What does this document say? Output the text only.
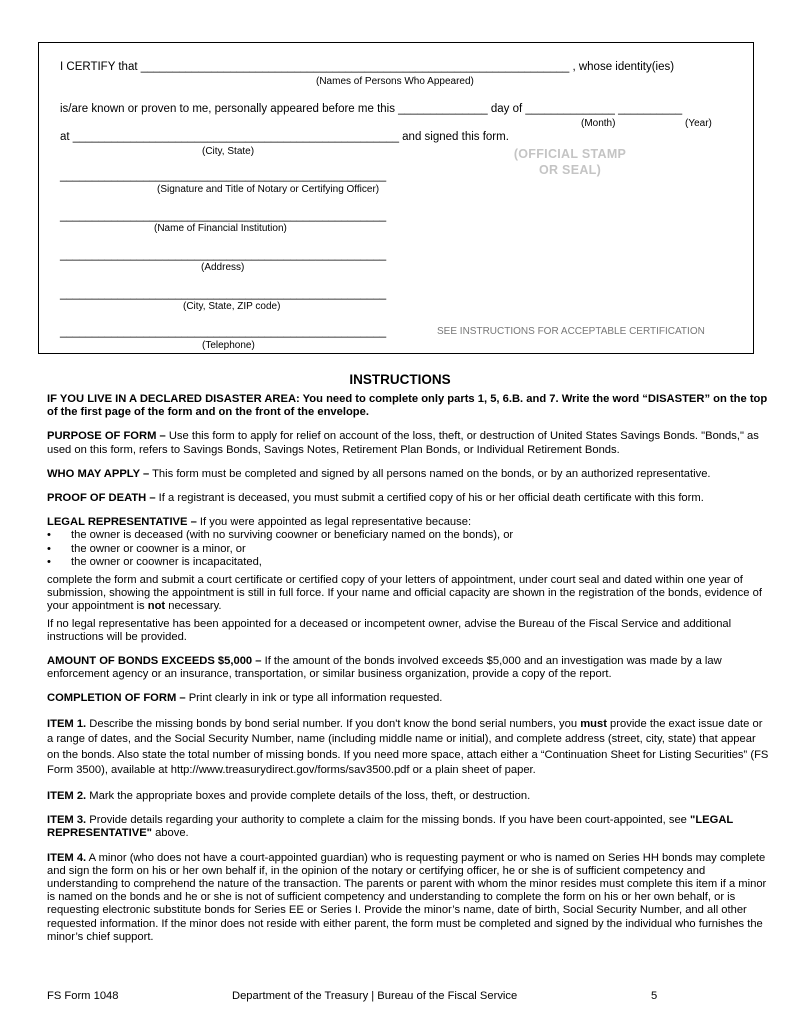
I CERTIFY that ___________________________________________________________________ , whose identity(ies)
(Names of Persons Who Appeared)
is/are known or proven to me, personally appeared before me this ______________ day of ______________ __________
(Month)	(Year)
at ___________________________________________________ and signed this form.
(City, State)
___________________________________________________
(Signature and Title of Notary or Certifying Officer)
___________________________________________________
(Name of Financial Institution)
___________________________________________________
(Address)
___________________________________________________
(City, State, ZIP code)
___________________________________________________
(Telephone)
SEE INSTRUCTIONS FOR ACCEPTABLE CERTIFICATION
(OFFICIAL STAMP
OR SEAL)
INSTRUCTIONS

IF YOU LIVE IN A DECLARED DISASTER AREA: You need to complete only parts 1, 5, 6.B. and 7. Write the word “DISASTER” on the top of the first page of the form and on the front of the envelope.

PURPOSE OF FORM – Use this form to apply for relief on account of the loss, theft, or destruction of United States Savings Bonds. "Bonds," as used on this form, refers to Savings Bonds, Savings Notes, Retirement Plan Bonds, or Individual Retirement Bonds.

WHO MAY APPLY – This form must be completed and signed by all persons named on the bonds, or by an authorized representative.

PROOF OF DEATH – If a registrant is deceased, you must submit a certified copy of his or her official death certificate with this form.

LEGAL REPRESENTATIVE – If you were appointed as legal representative because:
• the owner is deceased (with no surviving coowner or beneficiary named on the bonds), or
• the owner or coowner is a minor, or
• the owner or coowner is incapacitated,

complete the form and submit a court certificate or certified copy of your letters of appointment, under court seal and dated within one year of submission, showing the appointment is still in full force. If your name and official capacity are shown in the registration of the bonds, evidence of your appointment is not necessary.

If no legal representative has been appointed for a deceased or incompetent owner, advise the Bureau of the Fiscal Service and additional instructions will be provided.

AMOUNT OF BONDS EXCEEDS $5,000 – If the amount of the bonds involved exceeds $5,000 and an investigation was made by a law enforcement agency or an insurance, transportation, or similar business organization, provide a copy of the report.

COMPLETION OF FORM – Print clearly in ink or type all information requested.

ITEM 1. Describe the missing bonds by bond serial number. If you don't know the bond serial numbers, you must provide the exact issue date or a range of dates, and the Social Security Number, name (including middle name or initial), and complete address (street, city, state) that appear on the bonds. Also state the total number of missing bonds. If you need more space, attach either a “Continuation Sheet for Listing Securities” (FS Form 3500), available at http://www.treasurydirect.gov/forms/sav3500.pdf or a plain sheet of paper.

ITEM 2. Mark the appropriate boxes and provide complete details of the loss, theft, or destruction.

ITEM 3. Provide details regarding your authority to complete a claim for the missing bonds. If you have been court-appointed, see "LEGAL REPRESENTATIVE" above.

ITEM 4. A minor (who does not have a court-appointed guardian) who is requesting payment or who is named on Series HH bonds may complete and sign the form on his or her own behalf if, in the opinion of the notary or certifying officer, he or she is of sufficient competency and understanding to comprehend the nature of the transaction. The parents or parent with whom the minor resides must complete this item if a minor is named on the bonds and he or she is not of sufficient competency and understanding to complete the form on his or her own behalf, or is requesting electronic substitute bonds for Series EE or Series I. Provide the minor’s name, date of birth, Social Security Number, and all other requested information. If the minor does not reside with either parent, the form must be completed and signed by the individual who furnishes the minor’s chief support.

FS Form 1048	Department of the Treasury | Bureau of the Fiscal Service	5
